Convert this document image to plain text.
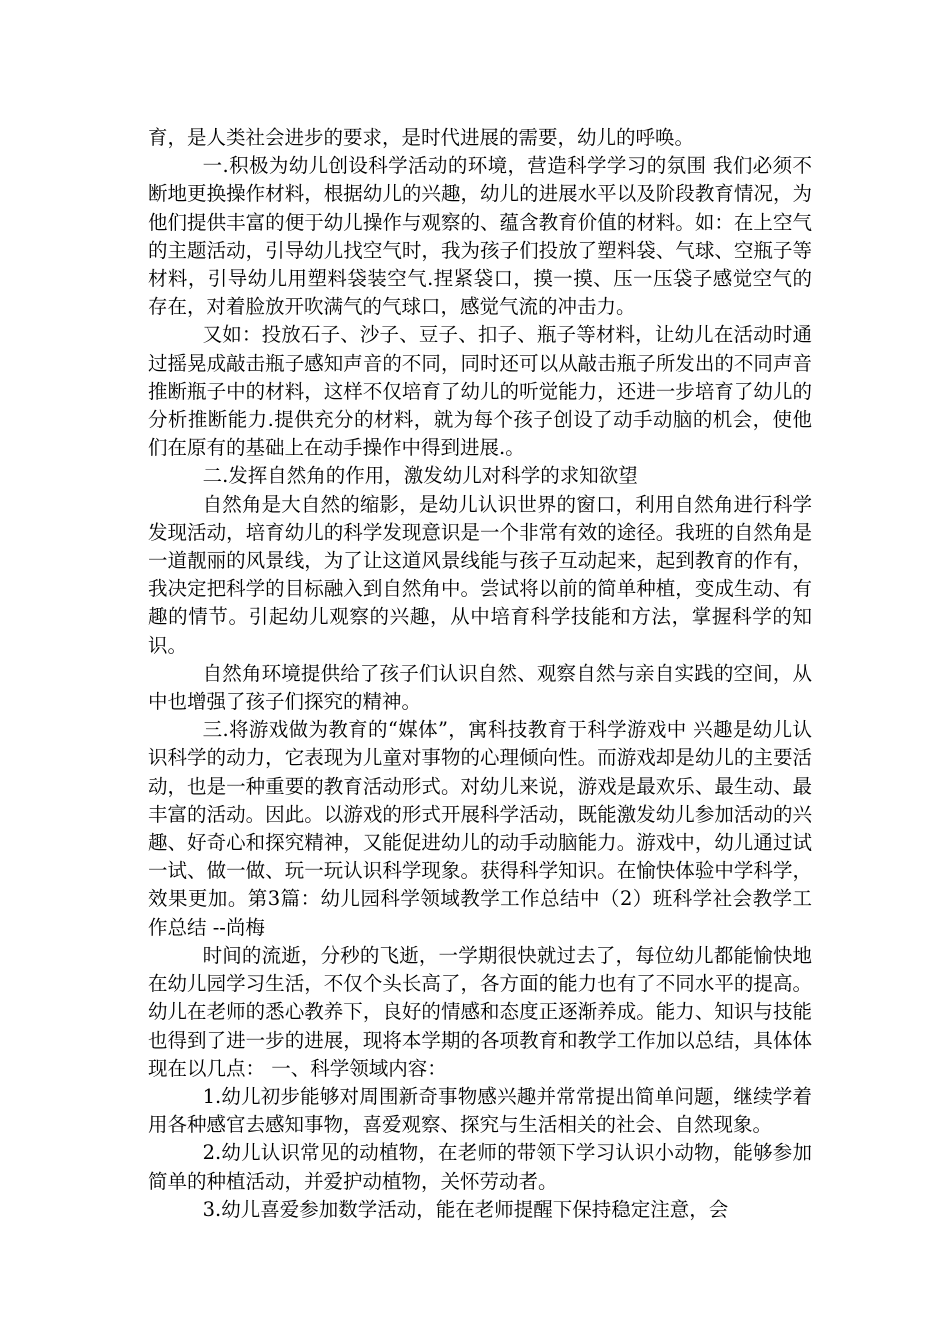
育，是人类社会进步的要求，是时代进展的需要，幼儿的呼唤。

一.积极为幼儿创设科学活动的环境，营造科学学习的氛围 我们必须不断地更换操作材料，根据幼儿的兴趣，幼儿的进展水平以及阶段教育情况，为他们提供丰富的便于幼儿操作与观察的、蕴含教育价值的材料。如：在上空气的主题活动，引导幼儿找空气时，我为孩子们投放了塑料袋、气球、空瓶子等材料，引导幼儿用塑料袋装空气.捏紧袋口，摸一摸、压一压袋子感觉空气的存在，对着脸放开吹满气的气球口，感觉气流的冲击力。

又如：投放石子、沙子、豆子、扣子、瓶子等材料，让幼儿在活动时通过摇晃成敲击瓶子感知声音的不同，同时还可以从敲击瓶子所发出的不同声音推断瓶子中的材料，这样不仅培育了幼儿的听觉能力，还进一步培育了幼儿的分析推断能力.提供充分的材料，就为每个孩子创设了动手动脑的机会，使他们在原有的基础上在动手操作中得到进展.。

二.发挥自然角的作用，激发幼儿对科学的求知欲望

自然角是大自然的缩影，是幼儿认识世界的窗口，利用自然角进行科学发现活动，培育幼儿的科学发现意识是一个非常有效的途径。我班的自然角是一道靓丽的风景线，为了让这道风景线能与孩子互动起来，起到教育的作有，我决定把科学的目标融入到自然角中。尝试将以前的简单种植，变成生动、有趣的情节。引起幼儿观察的兴趣，从中培育科学技能和方法，掌握科学的知识。

自然角环境提供给了孩子们认识自然、观察自然与亲自实践的空间，从中也增强了孩子们探究的精神。

三.将游戏做为教育的“媒体”，寓科技教育于科学游戏中 兴趣是幼儿认识科学的动力，它表现为儿童对事物的心理倾向性。而游戏却是幼儿的主要活动，也是一种重要的教育活动形式。对幼儿来说，游戏是最欢乐、最生动、最丰富的活动。因此。以游戏的形式开展科学活动，既能激发幼儿参加活动的兴趣、好奇心和探究精神，又能促进幼儿的动手动脑能力。游戏中，幼儿通过试一试、做一做、玩一玩认识科学现象。获得科学知识。在愉快体验中学科学，效果更加。第3篇：幼儿园科学领域教学工作总结中（2）班科学社会教学工作总结 --尚梅

时间的流逝，分秒的飞逝，一学期很快就过去了，每位幼儿都能愉快地在幼儿园学习生活，不仅个头长高了，各方面的能力也有了不同水平的提高。幼儿在老师的悉心教养下，良好的情感和态度正逐渐养成。能力、知识与技能也得到了进一步的进展，现将本学期的各项教育和教学工作加以总结，具体体现在以几点： 一、科学领域内容：

1.幼儿初步能够对周围新奇事物感兴趣并常常提出简单问题，继续学着用各种感官去感知事物，喜爱观察、探究与生活相关的社会、自然现象。

2.幼儿认识常见的动植物，在老师的带领下学习认识小动物，能够参加简单的种植活动，并爱护动植物，关怀劳动者。

3.幼儿喜爱参加数学活动，能在老师提醒下保持稳定注意，会
